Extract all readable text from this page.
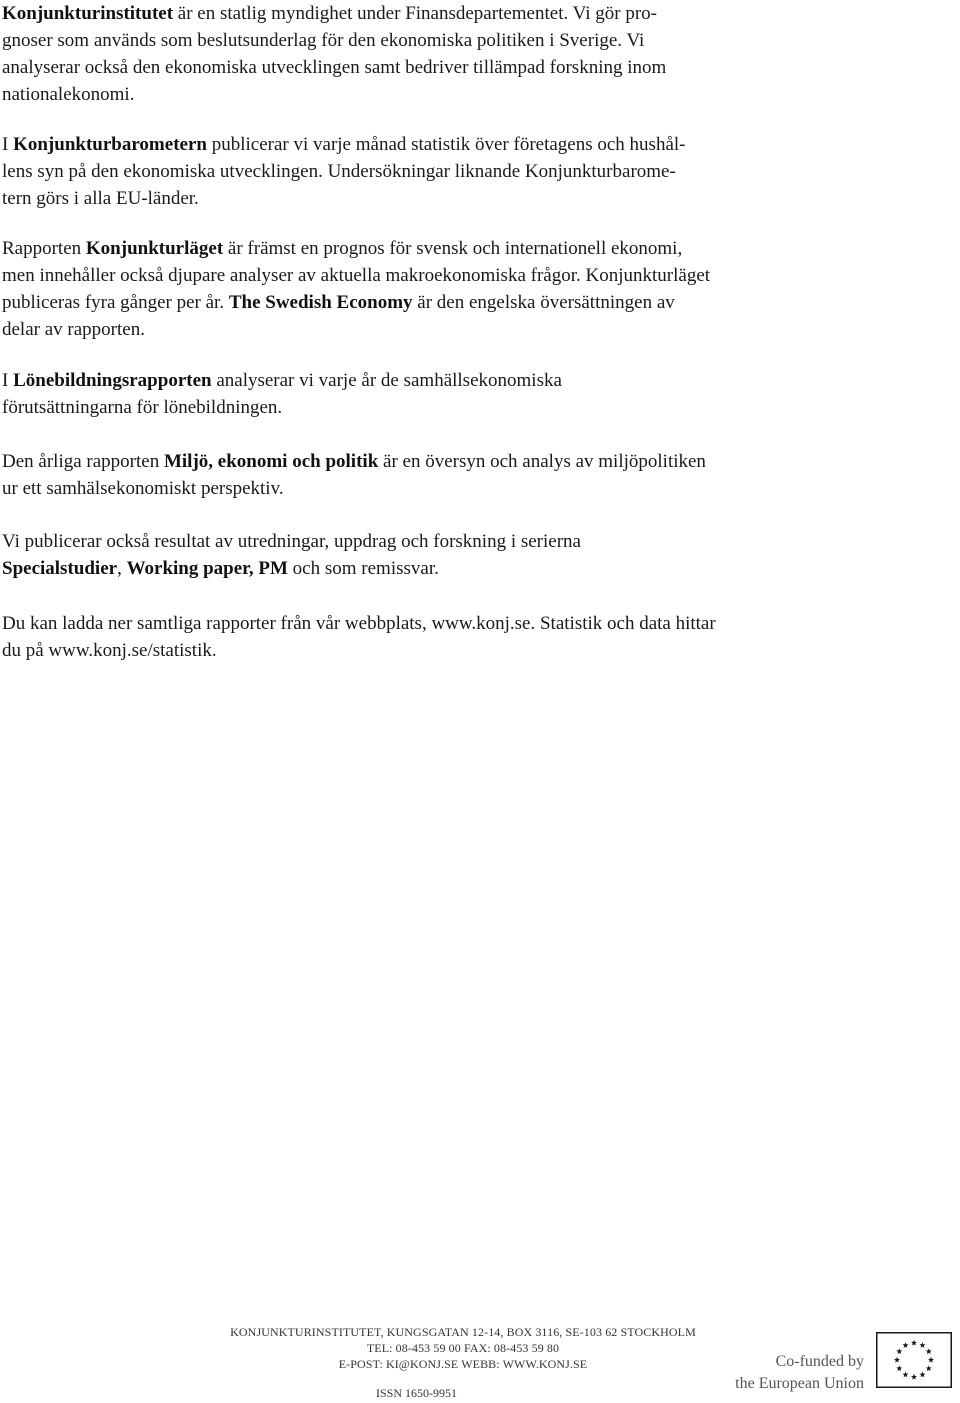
Konjunkturinstitutet är en statlig myndighet under Finansdepartementet. Vi gör pro-
gnoser som används som beslutsunderlag för den ekonomiska politiken i Sverige. Vi
analyserar också den ekonomiska utvecklingen samt bedriver tillämpad forskning inom
nationalekonomi.

I Konjunkturbarometern publicerar vi varje månad statistik över företagens och hushål-
lens syn på den ekonomiska utvecklingen. Undersökningar liknande Konjunkturbarome-
tern görs i alla EU-länder.

Rapporten Konjunkturläget är främst en prognos för svensk och internationell ekonomi,
men innehåller också djupare analyser av aktuella makroekonomiska frågor. Konjunkturläget
publiceras fyra gånger per år. The Swedish Economy är den engelska översättningen av
delar av rapporten.

I Lönebildningsrapporten analyserar vi varje år de samhällsekonomiska
förutsättningarna för lönebildningen.

Den årliga rapporten Miljö, ekonomi och politik är en översyn och analys av miljöpolitiken
ur ett samhälsekonomiskt perspektiv.

Vi publicerar också resultat av utredningar, uppdrag och forskning i serierna
Specialstudier, Working paper, PM och som remissvar.

Du kan ladda ner samtliga rapporter från vår webbplats, www.konj.se. Statistik och data hittar
du på www.konj.se/statistik.

KONJUNKTURINSTITUTET, KUNGSGATAN 12-14, BOX 3116, SE-103 62 STOCKHOLM
TEL: 08-453 59 00 FAX: 08-453 59 80
E-POST: KI@KONJ.SE WEBB: WWW.KONJ.SE
ISSN 1650-9951
Co-funded by
the European Union
